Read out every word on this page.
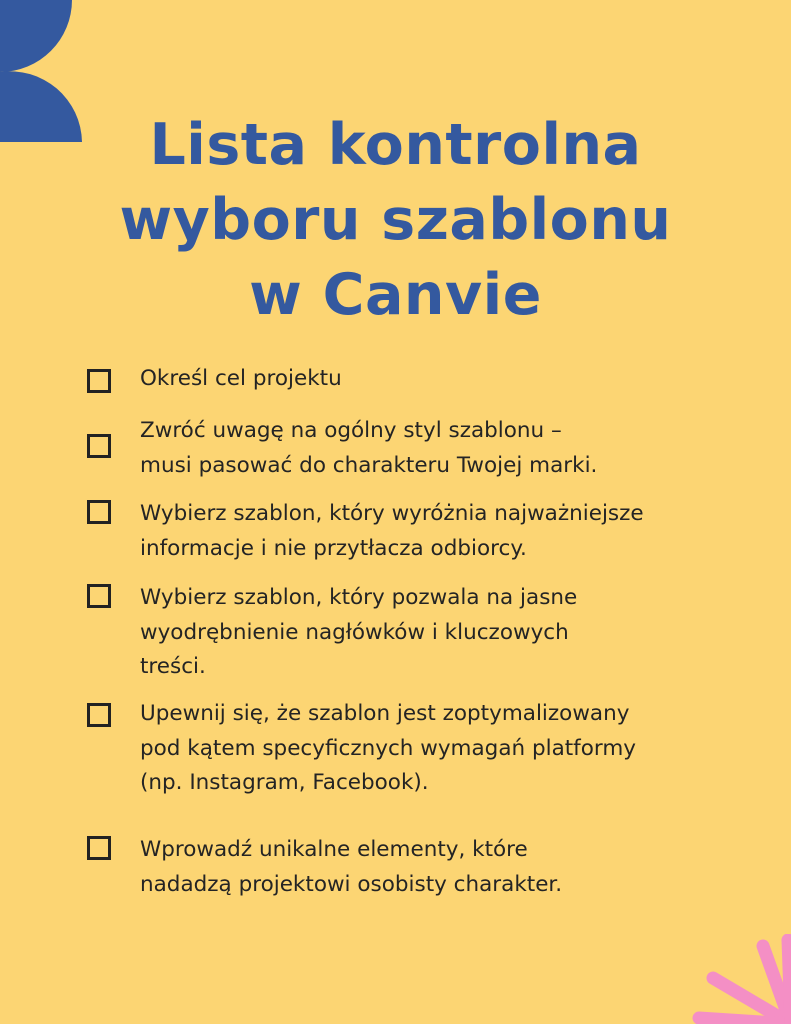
Lista kontrolna
wyboru szablonu
w Canvie

Określ cel projektu

Zwróć uwagę na ogólny styl szablonu –
musi pasować do charakteru Twojej marki.

Wybierz szablon, który wyróżnia najważniejsze
informacje i nie przytłacza odbiorcy.

Wybierz szablon, który pozwala na jasne
wyodrębnienie nagłówków i kluczowych
treści.

Upewnij się, że szablon jest zoptymalizowany
pod kątem specyficznych wymagań platformy
(np. Instagram, Facebook).

Wprowadź unikalne elementy, które
nadadzą projektowi osobisty charakter.
